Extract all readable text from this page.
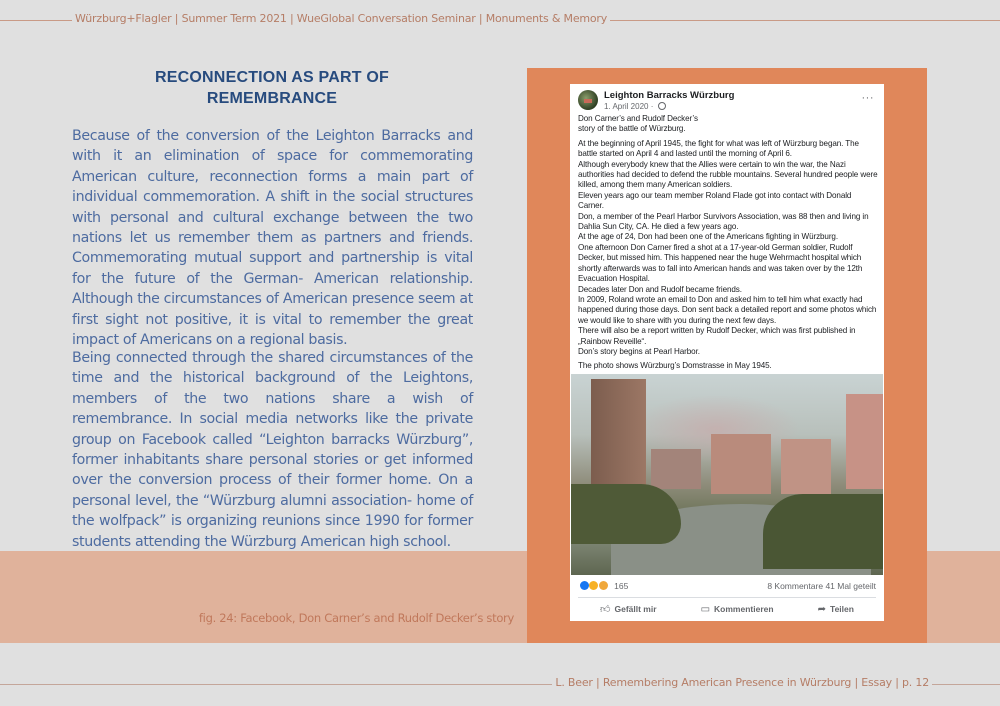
Würzburg+Flagler | Summer Term 2021 | WueGlobal Conversation Seminar | Monuments & Memory
fig. 24: Facebook, Don Carner’s and Rudolf Decker’s story
RECONNECTION AS PART OF
REMEMBRANCE
Because of the conversion of the Leighton Barracks and with it an elimination of space for commemorating American culture, reconnection forms a main part of individual commemoration. A shift in the social structures with personal and cultural exchange between the two nations let us remember them as partners and friends. Commemorating mutual support and partnership is vital for the future of the German- American relationship. Although the circumstances of American presence seem at first sight not positive, it is vital to remember the great impact of Americans on a regional basis.
Being connected through the shared circumstances of the time and the historical background of the Leightons, members of the two nations share a wish of remembrance. In social media networks like the private group on Facebook called “Leighton barracks Würzburg”, former inhabitants share personal stories or get informed over the conversion process of their former home. On a personal level, the “Würzburg alumni association- home of the wolfpack” is organizing reunions since 1990 for former students attending the Würzburg American high school.
Leighton Barracks Würzburg
1. April 2020 ·
···

Don Carner’s and Rudolf Decker’s

story of the battle of Würzburg.

At the beginning of April 1945, the fight for what was left of Würzburg began. The battle started on April 4 and lasted until the morning of April 6.

Although everybody knew that the Allies were certain to win the war, the Nazi authorities had decided to defend the rubble mountains. Several hundred people were killed, among them many American soldiers.

Eleven years ago our team member Roland Flade got into contact with Donald Carner.

Don, a member of the Pearl Harbor Survivors Association, was 88 then and living in Dahlia Sun City, CA. He died a few years ago.

At the age of 24, Don had been one of the Americans fighting in Würzburg.

One afternoon Don Carner fired a shot at a 17-year-old German soldier, Rudolf Decker, but missed him. This happened near the huge Wehrmacht hospital which shortly afterwards was to fall into American hands and was taken over by the 12th Evacuation Hospital.

Decades later Don and Rudolf became friends.

In 2009, Roland wrote an email to Don and asked him to tell him what exactly had happened during those days. Don sent back a detailed report and some photos which we would like to share with you during the next few days.

There will also be a report written by Rudolf Decker, which was first published in „Rainbow Reveille“.

Don’s story begins at Pearl Harbor.

The photo shows Würzburg’s Domstrasse in May 1945.

165	8 Kommentare 41 Mal geteilt
👍︎ Gefällt mir	▭ Kommentieren	➦ Teilen
L. Beer | Remembering American Presence in Würzburg | Essay | p. 12
